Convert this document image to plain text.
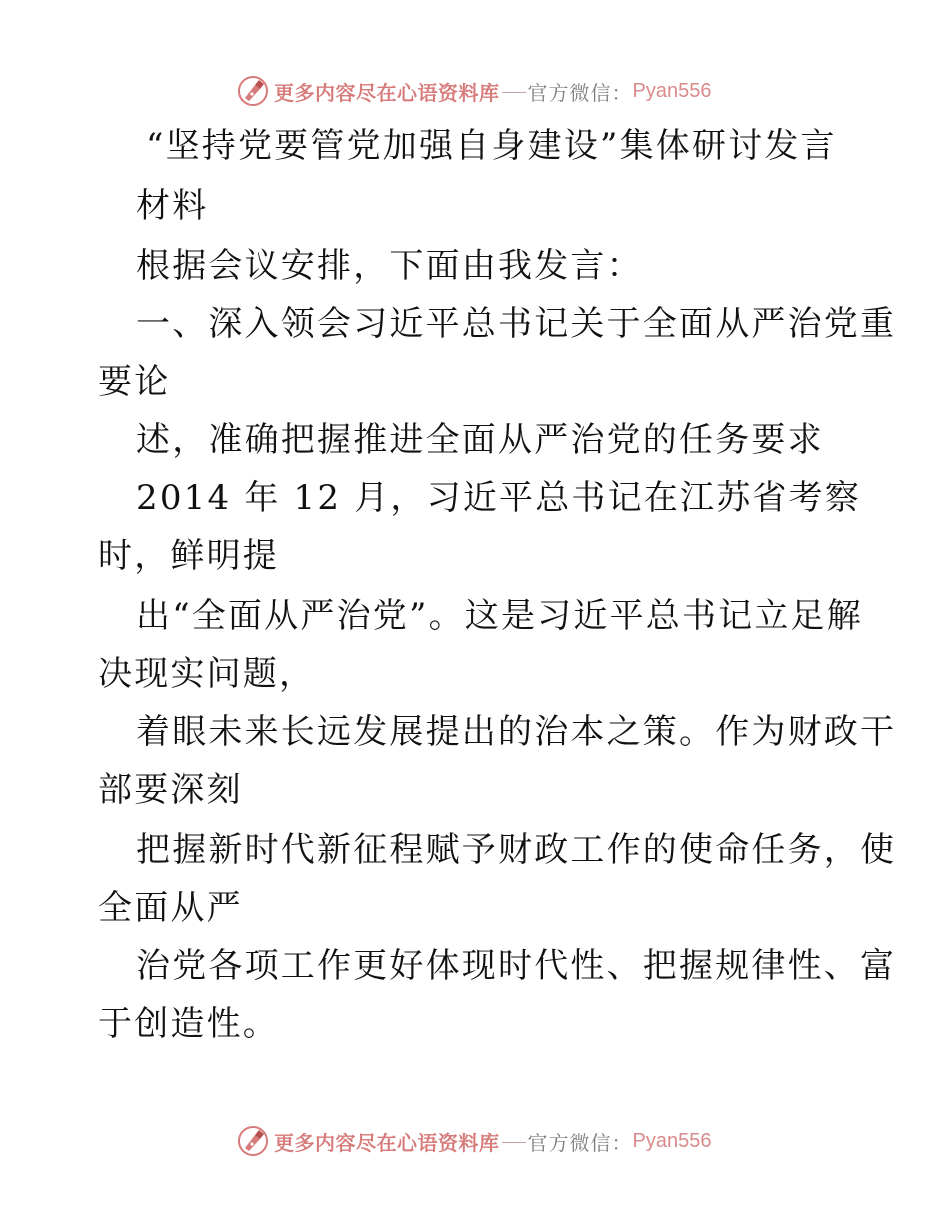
更多内容尽在心语资料库 官方微信： Pyan556
“坚持党要管党加强自身建设”集体研讨发言

材料

根据会议安排，下面由我发言：

一、深入领会习近平总书记关于全面从严治党重

要论

述，准确把握推进全面从严治党的任务要求

2014 年 12 月，习近平总书记在江苏省考察

时，鲜明提

出“全面从严治党”。这是习近平总书记立足解

决现实问题，

着眼未来长远发展提出的治本之策。作为财政干

部要深刻

把握新时代新征程赋予财政工作的使命任务，使

全面从严

治党各项工作更好体现时代性、把握规律性、富

于创造性。

更多内容尽在心语资料库 官方微信： Pyan556
